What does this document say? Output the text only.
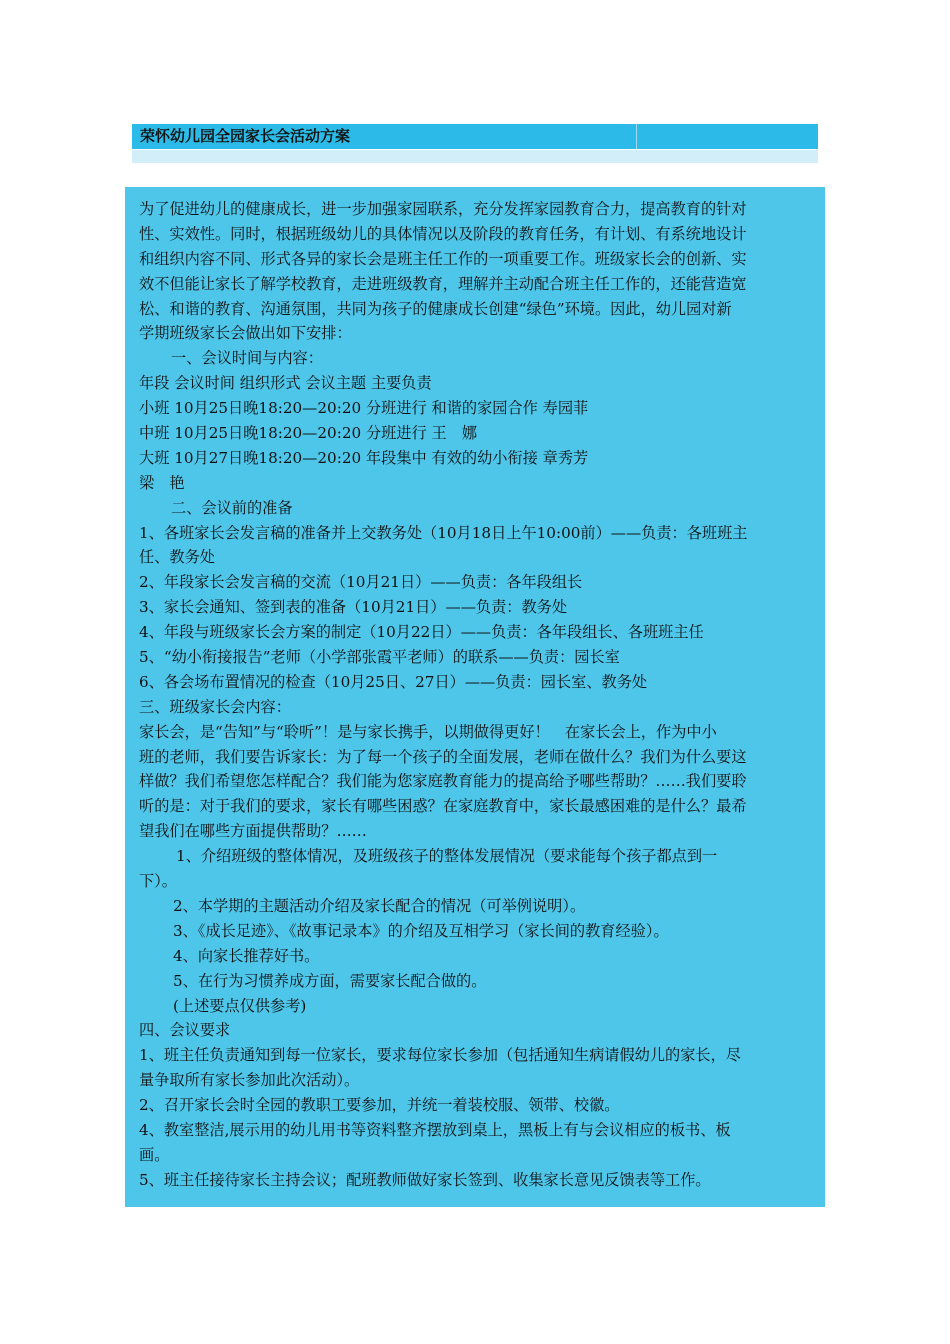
荣怀幼儿园全园家长会活动方案
为了促进幼儿的健康成长，进一步加强家园联系，充分发挥家园教育合力，提高教育的针对
性、实效性。同时，根据班级幼儿的具体情况以及阶段的教育任务，有计划、有系统地设计
和组织内容不同、形式各异的家长会是班主任工作的一项重要工作。班级家长会的创新、实
效不但能让家长了解学校教育，走进班级教育，理解并主动配合班主任工作的，还能营造宽
松、和谐的教育、沟通氛围，共同为孩子的健康成长创建“绿色”环境。因此，幼儿园对新
学期班级家长会做出如下安排：
一、会议时间与内容：
年段 会议时间 组织形式 会议主题 主要负责
小班 10月25日晚18:20—20:20 分班进行 和谐的家园合作 寿园菲
中班 10月25日晚18:20—20:20 分班进行 王　娜
大班 10月27日晚18:20—20:20 年段集中 有效的幼小衔接 章秀芳
梁　艳
二、会议前的准备
1、各班家长会发言稿的准备并上交教务处（10月18日上午10:00前）——负责：各班班主
任、教务处
2、年段家长会发言稿的交流（10月21日）——负责：各年段组长
3、家长会通知、签到表的准备（10月21日）——负责：教务处
4、年段与班级家长会方案的制定（10月22日）——负责：各年段组长、各班班主任
5、“幼小衔接报告”老师（小学部张霞平老师）的联系——负责：园长室
6、各会场布置情况的检查（10月25日、27日）——负责：园长室、教务处
三、班级家长会内容：
家长会，是“告知”与“聆听”！是与家长携手，以期做得更好！　在家长会上，作为中小
班的老师，我们要告诉家长：为了每一个孩子的全面发展，老师在做什么？我们为什么要这
样做？我们希望您怎样配合？我们能为您家庭教育能力的提高给予哪些帮助？……我们要聆
听的是：对于我们的要求，家长有哪些困惑？在家庭教育中，家长最感困难的是什么？最希
望我们在哪些方面提供帮助？……
1、介绍班级的整体情况，及班级孩子的整体发展情况（要求能每个孩子都点到一
下）。
2、本学期的主题活动介绍及家长配合的情况（可举例说明）。
3、《成长足迹》、《故事记录本》的介绍及互相学习（家长间的教育经验）。
4、向家长推荐好书。
5、在行为习惯养成方面，需要家长配合做的。
(上述要点仅供参考)
四、会议要求
1、班主任负责通知到每一位家长，要求每位家长参加（包括通知生病请假幼儿的家长，尽
量争取所有家长参加此次活动）。
2、召开家长会时全园的教职工要参加，并统一着装校服、领带、校徽。
4、教室整洁,展示用的幼儿用书等资料整齐摆放到桌上，黑板上有与会议相应的板书、板
画。
5、班主任接待家长主持会议；配班教师做好家长签到、收集家长意见反馈表等工作。
